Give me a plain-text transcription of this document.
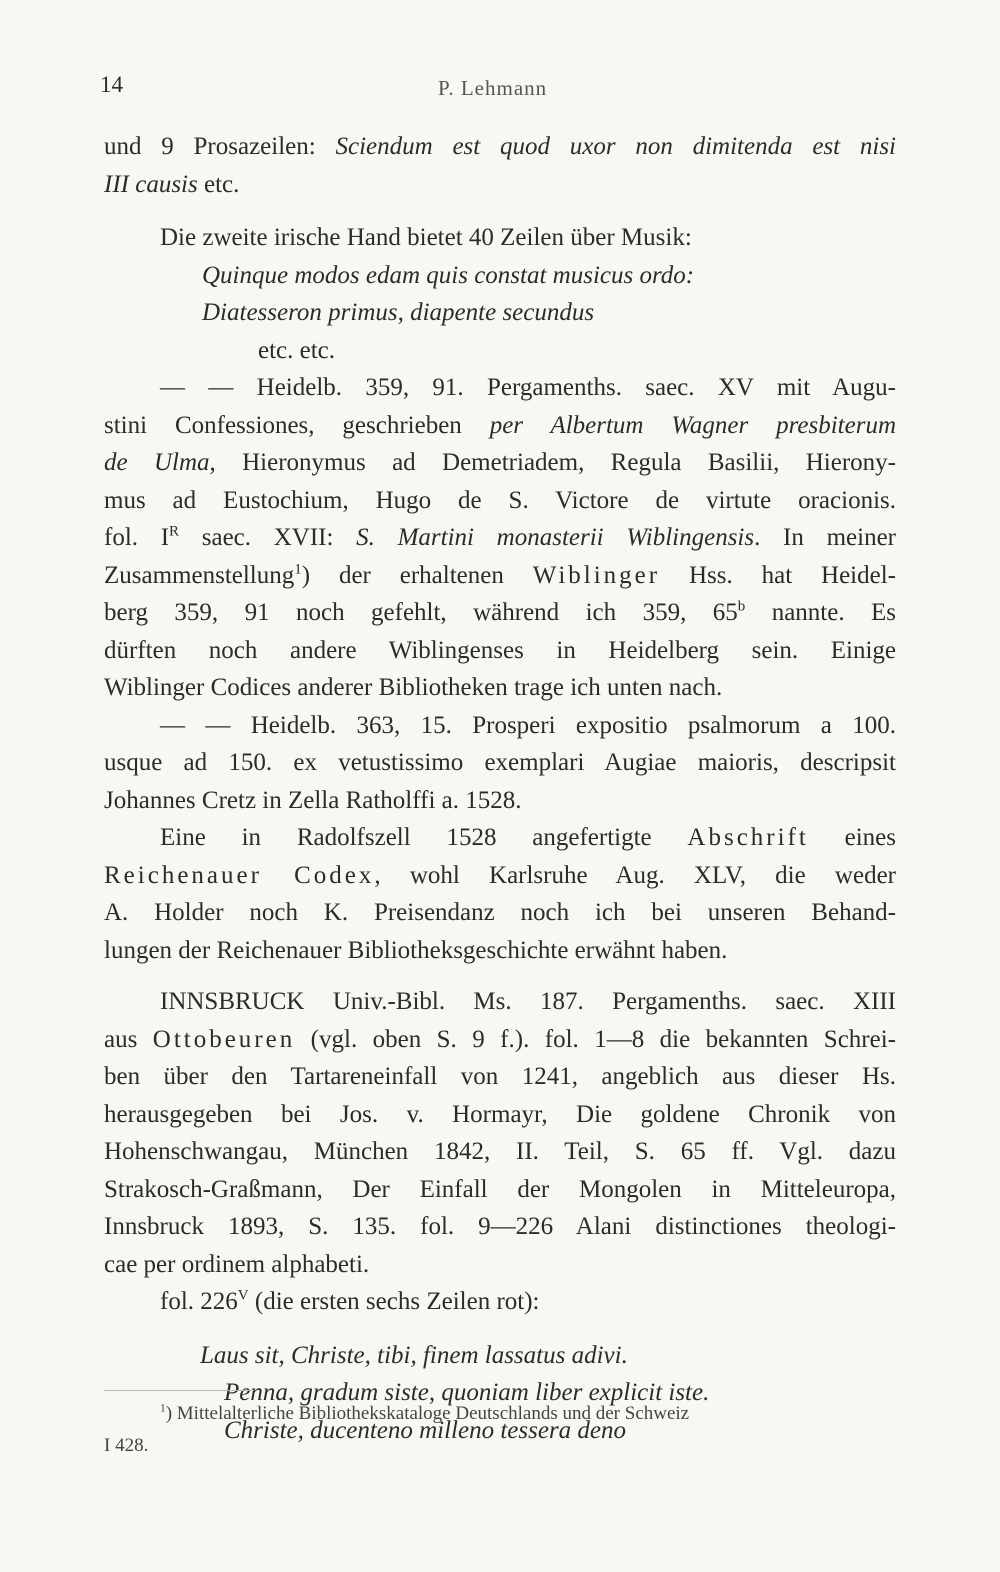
14	P. Lehmann
und 9 Prosazeilen: Sciendum est quod uxor non dimitenda est nisi
III causis etc.
Die zweite irische Hand bietet 40 Zeilen über Musik:
Quinque modos edam quis constat musicus ordo:
Diatesseron primus, diapente secundus
etc. etc.
— — Heidelb. 359, 91. Pergamenths. saec. XV mit Augu-
stini Confessiones, geschrieben per Albertum Wagner presbiterum
de Ulma, Hieronymus ad Demetriadem, Regula Basilii, Hierony-
mus ad Eustochium, Hugo de S. Victore de virtute oracionis.
fol. $I^R$ saec. XVII: S. Martini monasterii Wiblingensis. In meiner
Zusammenstellung$^1$) der erhaltenen Wiblinger Hss. hat Heidel-
berg 359, 91 noch gefehlt, während ich 359, 65$^b$ nannte. Es
dürften noch andere Wiblingenses in Heidelberg sein. Einige
Wiblinger Codices anderer Bibliotheken trage ich unten nach.
— — Heidelb. 363, 15. Prosperi expositio psalmorum a 100.
usque ad 150. ex vetustissimo exemplari Augiae maioris, descripsit
Johannes Cretz in Zella Ratholffi a. 1528.
Eine in Radolfszell 1528 angefertigte Abschrift eines
Reichenauer Codex, wohl Karlsruhe Aug. XLV, die weder
A. Holder noch K. Preisendanz noch ich bei unseren Behand-
lungen der Reichenauer Bibliotheksgeschichte erwähnt haben.
INNSBRUCK Univ.-Bibl. Ms. 187. Pergamenths. saec. XIII
aus Ottobeuren (vgl. oben S. 9 f.). fol. 1—8 die bekannten Schrei-
ben über den Tartareneinfall von 1241, angeblich aus dieser Hs.
herausgegeben bei Jos. v. Hormayr, Die goldene Chronik von
Hohenschwangau, München 1842, II. Teil, S. 65 ff. Vgl. dazu
Strakosch-Graßmann, Der Einfall der Mongolen in Mitteleuropa,
Innsbruck 1893, S. 135. fol. 9—226 Alani distinctiones theologi-
cae per ordinem alphabeti.
fol. $226^V$ (die ersten sechs Zeilen rot):
Laus sit, Christe, tibi, finem lassatus adivi.
Penna, gradum siste, quoniam liber explicit iste.
Christe, ducenteno milleno tessera deno
$^1$) Mittelalterliche Bibliothekskataloge Deutschlands und der Schweiz
I 428.
